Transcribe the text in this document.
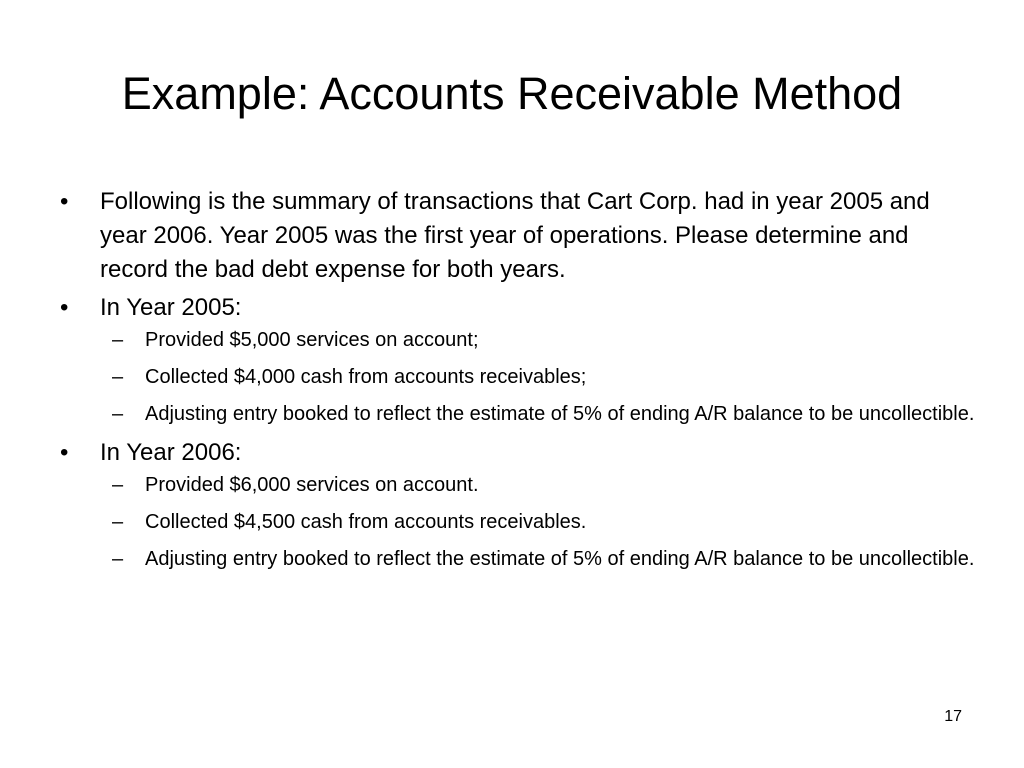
Example: Accounts Receivable Method
•	Following is the summary of transactions that Cart Corp. had in year 2005 and year 2006. Year 2005 was the first year of operations. Please determine and record the bad debt expense for both years.
•	In Year 2005:
–	Provided $5,000 services on account;
–	Collected $4,000 cash from accounts receivables;
–	Adjusting entry booked to reflect the estimate of 5% of ending A/R balance to be uncollectible.
•	In Year 2006:
–	Provided $6,000 services on account.
–	Collected $4,500 cash from accounts receivables.
–	Adjusting entry booked to reflect the estimate of 5% of ending A/R balance to be uncollectible.
17
